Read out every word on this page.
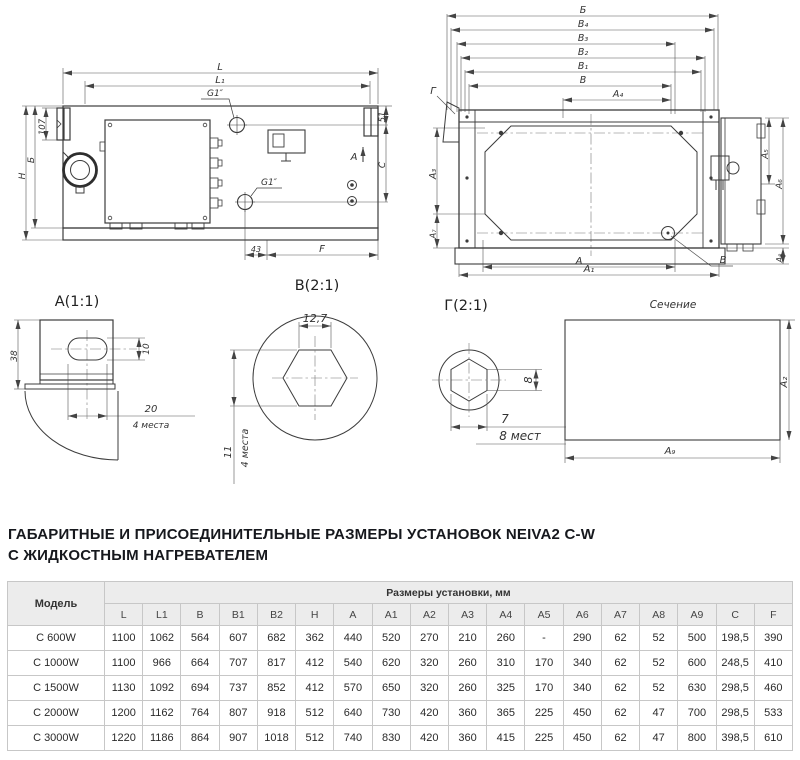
L
L₁
G1″
G1″
107
Б
H
51
C
A
43	F
Б
B₄
B₃
B₂
B₁
B
A₄
Г
A₃
A₇
A₅
A₆
A₈
A
A₁
B
А(1:1)
38
10
20
4 места
В(2:1)
12,7
11 4 места
Г(2:1)
8
7
8 мест
Сечение
A₉
A₂
ГАБАРИТНЫЕ И ПРИСОЕДИНИТЕЛЬНЫЕ РАЗМЕРЫ УСТАНОВОК NEIVA2 C-W
С ЖИДКОСТНЫМ НАГРЕВАТЕЛЕМ
Модель	Размеры установки, мм																	
	L	L1	B	B1	B2	H	A	A1	A2	A3	A4	A5	A6	A7	A8	A9	C	F
С 600W	1100	1062	564	607	682	362	440	520	270	210	260	-	290	62	52	500	198,5	390
С 1000W	1100	966	664	707	817	412	540	620	320	260	310	170	340	62	52	600	248,5	410
С 1500W	1130	1092	694	737	852	412	570	650	320	260	325	170	340	62	52	630	298,5	460
С 2000W	1200	1162	764	807	918	512	640	730	420	360	365	225	450	62	47	700	298,5	533
С 3000W	1220	1186	864	907	1018	512	740	830	420	360	415	225	450	62	47	800	398,5	610
